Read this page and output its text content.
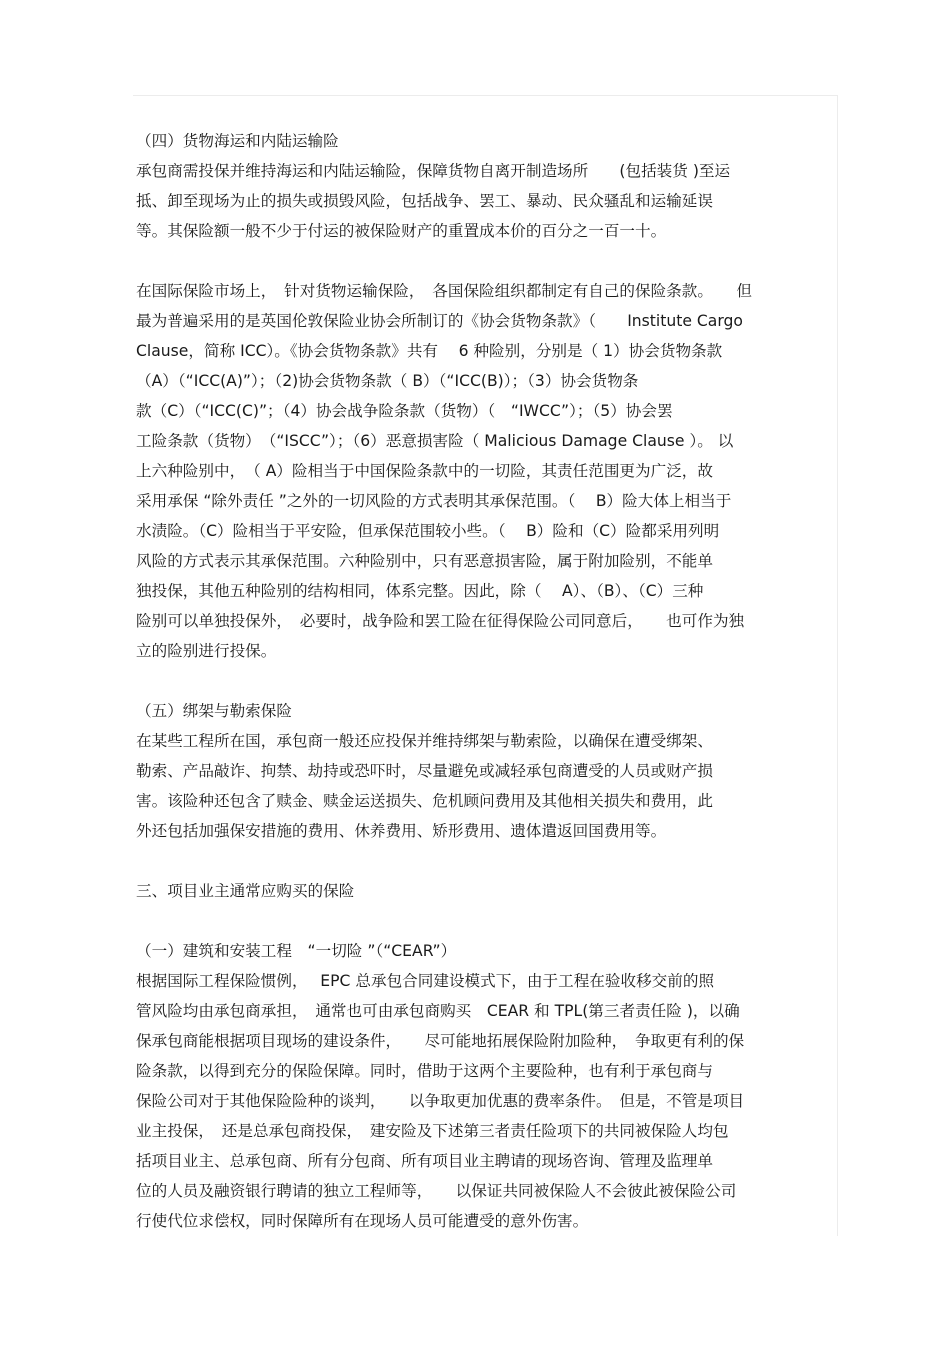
（四）货物海运和内陆运输险
承包商需投保并维持海运和内陆运输险，保障货物自离开制造场所　　(包括装货 )至运
抵、卸至现场为止的损失或损毁风险，包括战争、罢工、暴动、民众骚乱和运输延误
等。其保险额一般不少于付运的被保险财产的重置成本价的百分之一百一十。
在国际保险市场上，　针对货物运输保险，　各国保险组织都制定有自己的保险条款。　　但
最为普遍采用的是英国伦敦保险业协会所制订的《协会货物条款》（　　Institute Cargo
Clause，简称 ICC）。《协会货物条款》共有　 6 种险别，分别是（ 1）协会货物条款
（A）（“ICC(A)”）；（2)协会货物条款（ B）（“ICC(B)）；（3）协会货物条
款（C）（“ICC(C)”；（4）协会战争险条款（货物）（　“IWCC”）；（5）协会罢
工险条款（货物）　（“ISCC”）；（6）恶意损害险（ Malicious Damage Clause ）。 以
上六种险别中，　（ A）险相当于中国保险条款中的一切险，其责任范围更为广泛，故
采用承保 “除外责任 ”之外的一切风险的方式表明其承保范围。（　 B）险大体上相当于
水渍险。（C）险相当于平安险，但承保范围较小些。（　 B）险和（C）险都采用列明
风险的方式表示其承保范围。六种险别中，只有恶意损害险，属于附加险别，不能单
独投保，其他五种险别的结构相同，体系完整。因此，除（　 A）、（B）、（C）三种
险别可以单独投保外，　必要时，战争险和罢工险在征得保险公司同意后，　　也可作为独
立的险别进行投保。
（五）绑架与勒索保险
在某些工程所在国，承包商一般还应投保并维持绑架与勒索险，以确保在遭受绑架、
勒索、产品敲诈、拘禁、劫持或恐吓时，尽量避免或减轻承包商遭受的人员或财产损
害。该险种还包含了赎金、赎金运送损失、危机顾问费用及其他相关损失和费用，此
外还包括加强保安措施的费用、休养费用、矫形费用、遗体遣返回国费用等。
三、项目业主通常应购买的保险
（一）建筑和安装工程　“一切险 ”（“CEAR”）
根据国际工程保险惯例，　 EPC 总承包合同建设模式下，由于工程在验收移交前的照
管风险均由承包商承担，　通常也可由承包商购买　CEAR 和 TPL(第三者责任险 )，以确
保承包商能根据项目现场的建设条件，　　尽可能地拓展保险附加险种，　争取更有利的保
险条款，以得到充分的保险保障。同时，借助于这两个主要险种，也有利于承包商与
保险公司对于其他保险险种的谈判，　　以争取更加优惠的费率条件。　但是，不管是项目
业主投保，　还是总承包商投保，　建安险及下述第三者责任险项下的共同被保险人均包
括项目业主、总承包商、所有分包商、所有项目业主聘请的现场咨询、管理及监理单
位的人员及融资银行聘请的独立工程师等，　　以保证共同被保险人不会彼此被保险公司
行使代位求偿权，同时保障所有在现场人员可能遭受的意外伤害。
